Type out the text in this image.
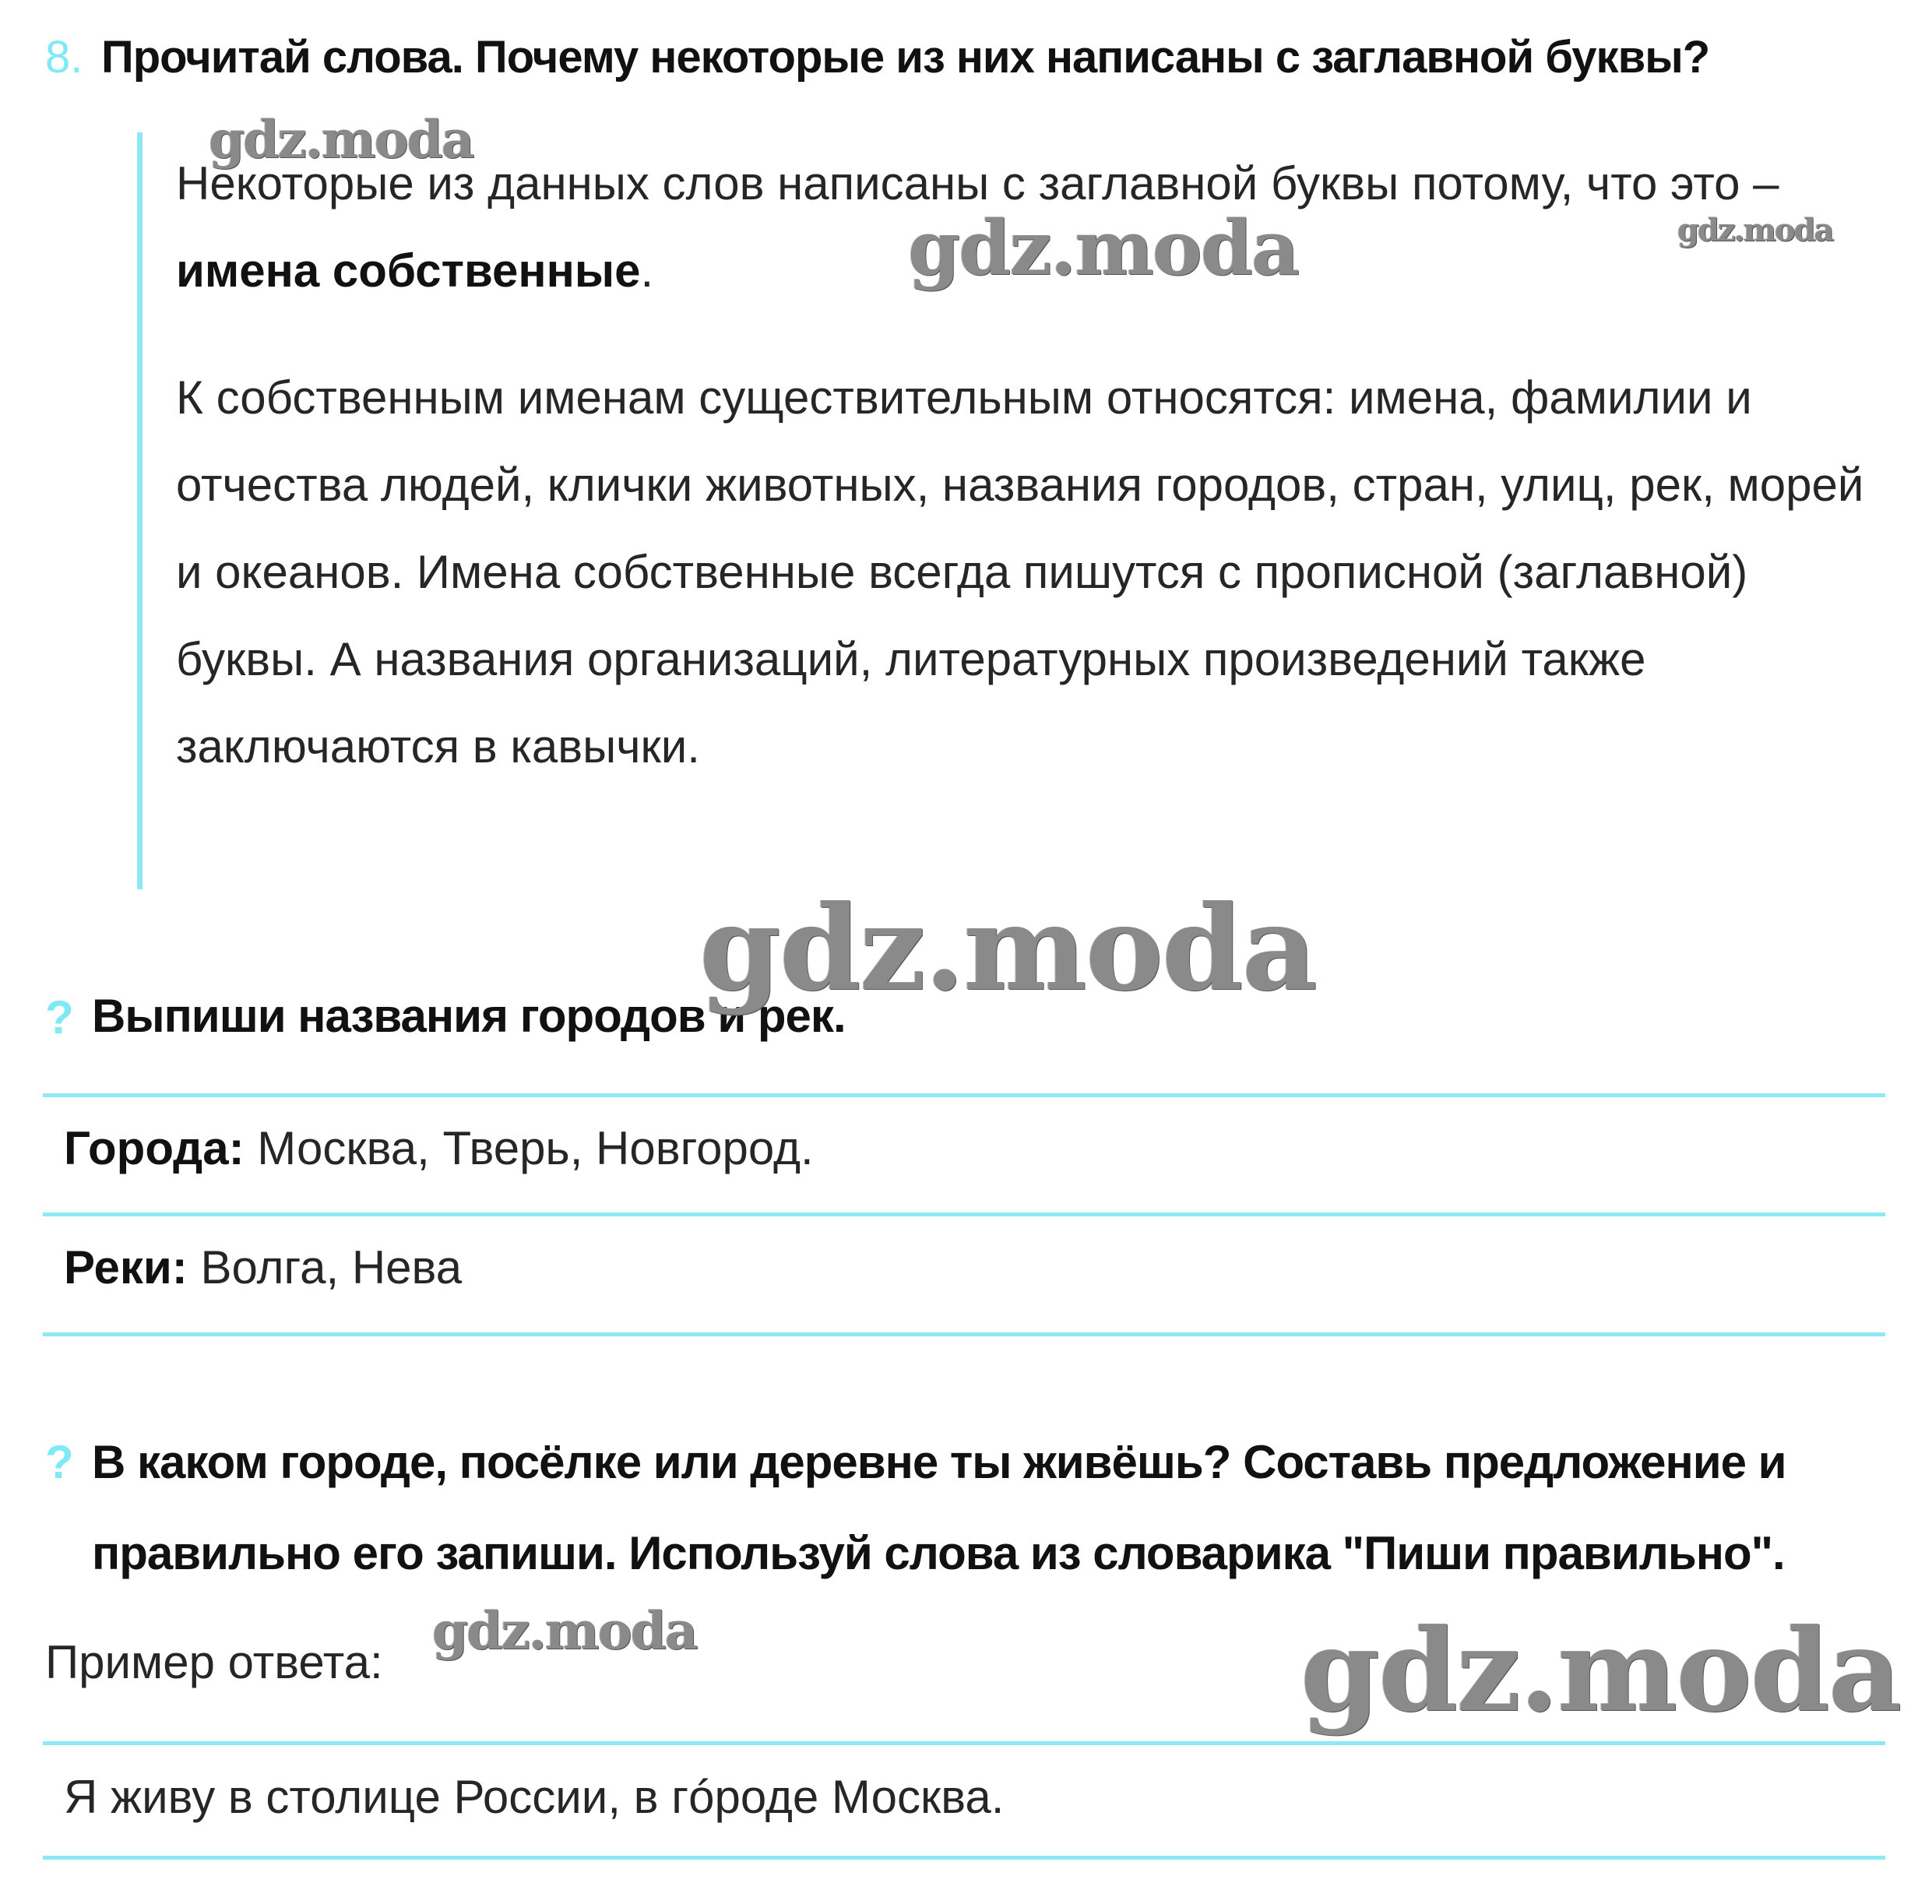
8. Прочитай слова. Почему некоторые из них написаны с заглавной буквы?
Некоторые из данных слов написаны с заглавной буквы потому, что это – имена собственные.
К собственным именам существительным относятся: имена, фамилии и отчества людей, клички животных, названия городов, стран, улиц, рек, морей и океанов. Имена собственные всегда пишутся с прописной (заглавной) буквы. А названия организаций, литературных произведений также заключаются в кавычки.
? Выпиши названия городов и рек.
Города: Москва, Тверь, Новгород.
Реки: Волга, Нева
? В каком городе, посёлке или деревне ты живёшь? Составь предложение и
правильно его запиши. Используй слова из словарика "Пиши правильно".
Пример ответа:
Я живу в столице России, в гóроде Москва.
gdz.moda
gdz.moda	gdz.moda
gdz.moda
gdz.moda	gdz.moda
